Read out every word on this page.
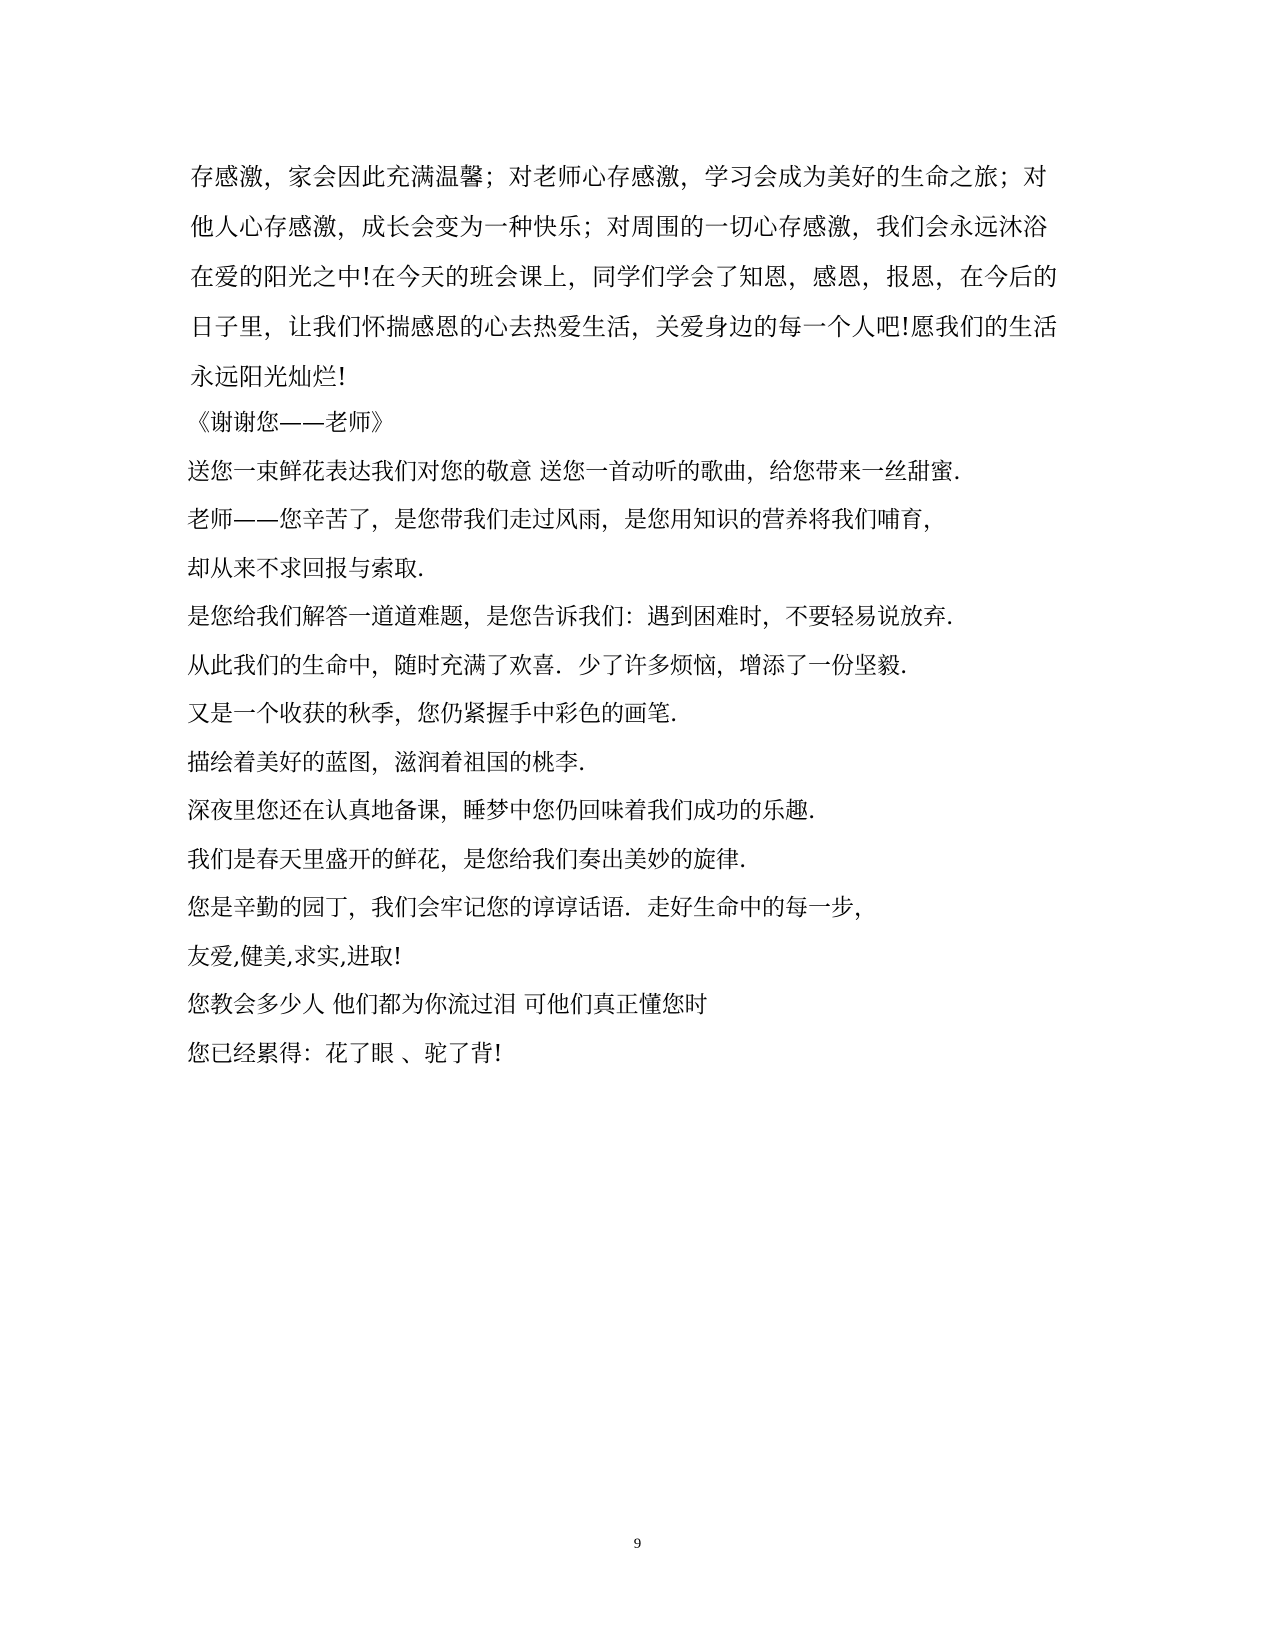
存感激，家会因此充满温馨；对老师心存感激，学习会成为美好的生命之旅；对
他人心存感激，成长会变为一种快乐；对周围的一切心存感激，我们会永远沐浴
在爱的阳光之中!在今天的班会课上，同学们学会了知恩，感恩，报恩，在今后的
日子里，让我们怀揣感恩的心去热爱生活，关爱身边的每一个人吧!愿我们的生活
永远阳光灿烂!

《谢谢您——老师》
送您一束鲜花表达我们对您的敬意 送您一首动听的歌曲，给您带来一丝甜蜜.
老师——您辛苦了，是您带我们走过风雨，是您用知识的营养将我们哺育，
却从来不求回报与索取.
是您给我们解答一道道难题，是您告诉我们：遇到困难时，不要轻易说放弃.
从此我们的生命中，随时充满了欢喜．少了许多烦恼，增添了一份坚毅.
又是一个收获的秋季，您仍紧握手中彩色的画笔.
描绘着美好的蓝图，滋润着祖国的桃李.
深夜里您还在认真地备课，睡梦中您仍回味着我们成功的乐趣.
我们是春天里盛开的鲜花，是您给我们奏出美妙的旋律.
您是辛勤的园丁，我们会牢记您的谆谆话语．走好生命中的每一步，
友爱,健美,求实,进取!
您教会多少人 他们都为你流过泪 可他们真正懂您时
您已经累得：花了眼 、驼了背!
9
